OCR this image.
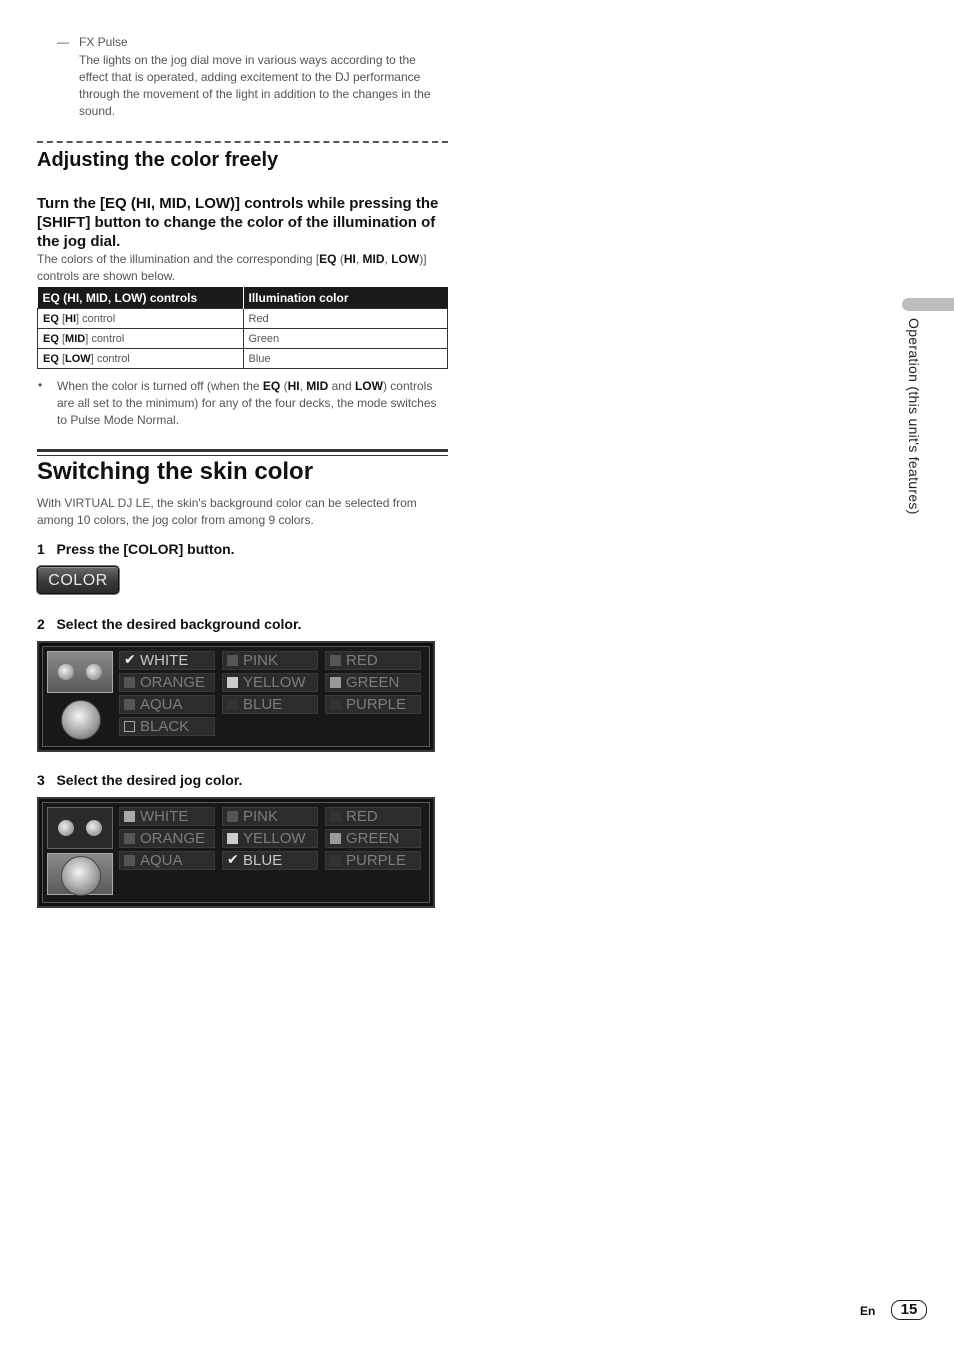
— FX Pulse
The lights on the jog dial move in various ways according to the effect that is operated, adding excitement to the DJ performance through the movement of the light in addition to the changes in the sound.
Adjusting the color freely
Turn the [EQ (HI, MID, LOW)] controls while pressing the [SHIFT] button to change the color of the illumination of the jog dial.
The colors of the illumination and the corresponding [EQ (HI, MID, LOW)] controls are shown below.
EQ (HI, MID, LOW) controls	Illumination color
EQ [HI] control	Red
EQ [MID] control	Green
EQ [LOW] control	Blue
• When the color is turned off (when the EQ (HI, MID and LOW) controls are all set to the minimum) for any of the four decks, the mode switches to Pulse Mode Normal.
Switching the skin color
With VIRTUAL DJ LE, the skin's background color can be selected from among 10 colors, the jog color from among 9 colors.
1   Press the [COLOR] button.
COLOR
2   Select the desired background color.
✔ WHITE	PINK	RED
ORANGE	YELLOW	GREEN
AQUA	BLUE	PURPLE
BLACK
3   Select the desired jog color.
WHITE	PINK	RED
ORANGE	YELLOW	GREEN
AQUA	✔ BLUE	PURPLE
Operation (this unit's features)
En	15
